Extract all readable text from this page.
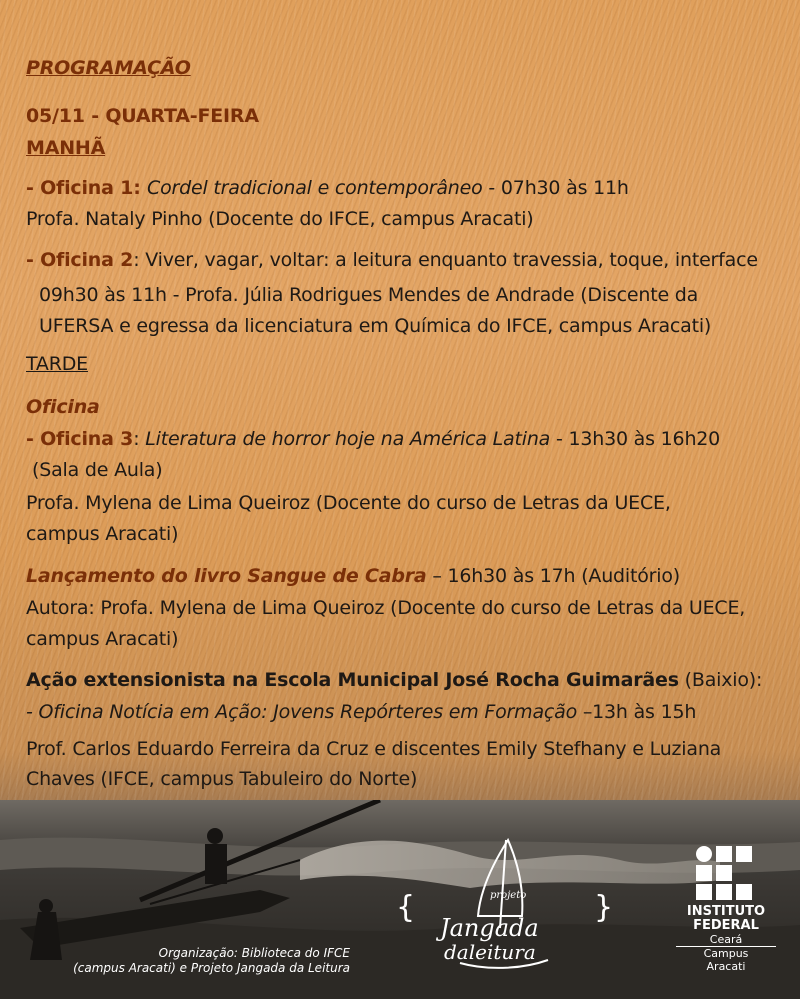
PROGRAMAÇÃO
05/11 - QUARTA-FEIRA
MANHÃ
- Oficina 1: Cordel tradicional e contemporâneo - 07h30 às 11h
Profa. Nataly Pinho (Docente do IFCE, campus Aracati)
- Oficina 2: Viver, vagar, voltar: a leitura enquanto travessia, toque, interface
09h30 às 11h - Profa. Júlia Rodrigues Mendes de Andrade (Discente da
UFERSA e egressa da licenciatura em Química do IFCE, campus Aracati)
TARDE
Oficina
- Oficina 3: Literatura de horror hoje na América Latina - 13h30 às 16h20
(Sala de Aula)
Profa. Mylena de Lima Queiroz (Docente do curso de Letras da UECE,
campus Aracati)
Lançamento do livro Sangue de Cabra – 16h30 às 17h (Auditório)
Autora: Profa. Mylena de Lima Queiroz (Docente do curso de Letras da UECE,
campus Aracati)
Ação extensionista na Escola Municipal José Rocha Guimarães (Baixio):
- Oficina Notícia em Ação: Jovens Repórteres em Formação –13h às 15h
Prof. Carlos Eduardo Ferreira da Cruz e discentes Emily Stefhany e Luziana
Chaves (IFCE, campus Tabuleiro do Norte)
Organização: Biblioteca do IFCE
(campus Aracati) e Projeto Jangada da Leitura
{	}
projeto
Jangada
daleitura
INSTITUTO
FEDERAL
Ceará
Campus
Aracati
